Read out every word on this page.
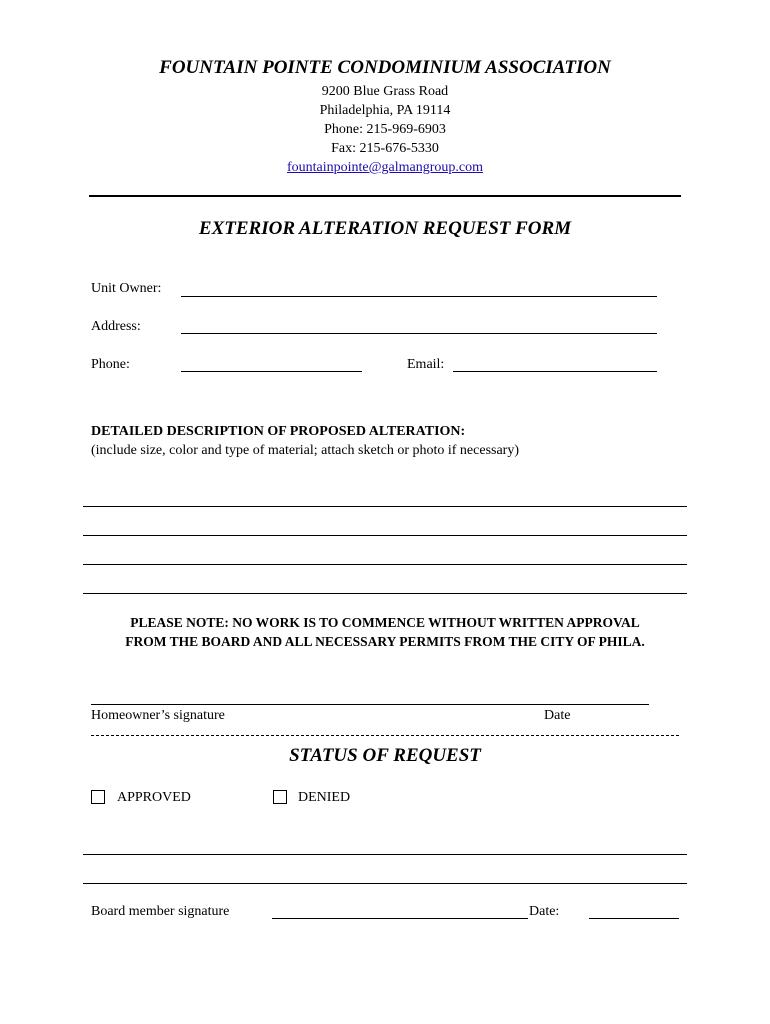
FOUNTAIN POINTE CONDOMINIUM ASSOCIATION
9200 Blue Grass Road
Philadelphia, PA 19114
Phone: 215-969-6903
Fax: 215-676-5330
fountainpointe@galmangroup.com
EXTERIOR ALTERATION REQUEST FORM
Unit Owner:
Address:
Phone:	Email:
DETAILED DESCRIPTION OF PROPOSED ALTERATION:
(include size, color and type of material; attach sketch or photo if necessary)
PLEASE NOTE: NO WORK IS TO COMMENCE WITHOUT WRITTEN APPROVAL
FROM THE BOARD AND ALL NECESSARY PERMITS FROM THE CITY OF PHILA.
Homeowner’s signature	Date
STATUS OF REQUEST
APPROVED	DENIED
Board member signature	Date:
